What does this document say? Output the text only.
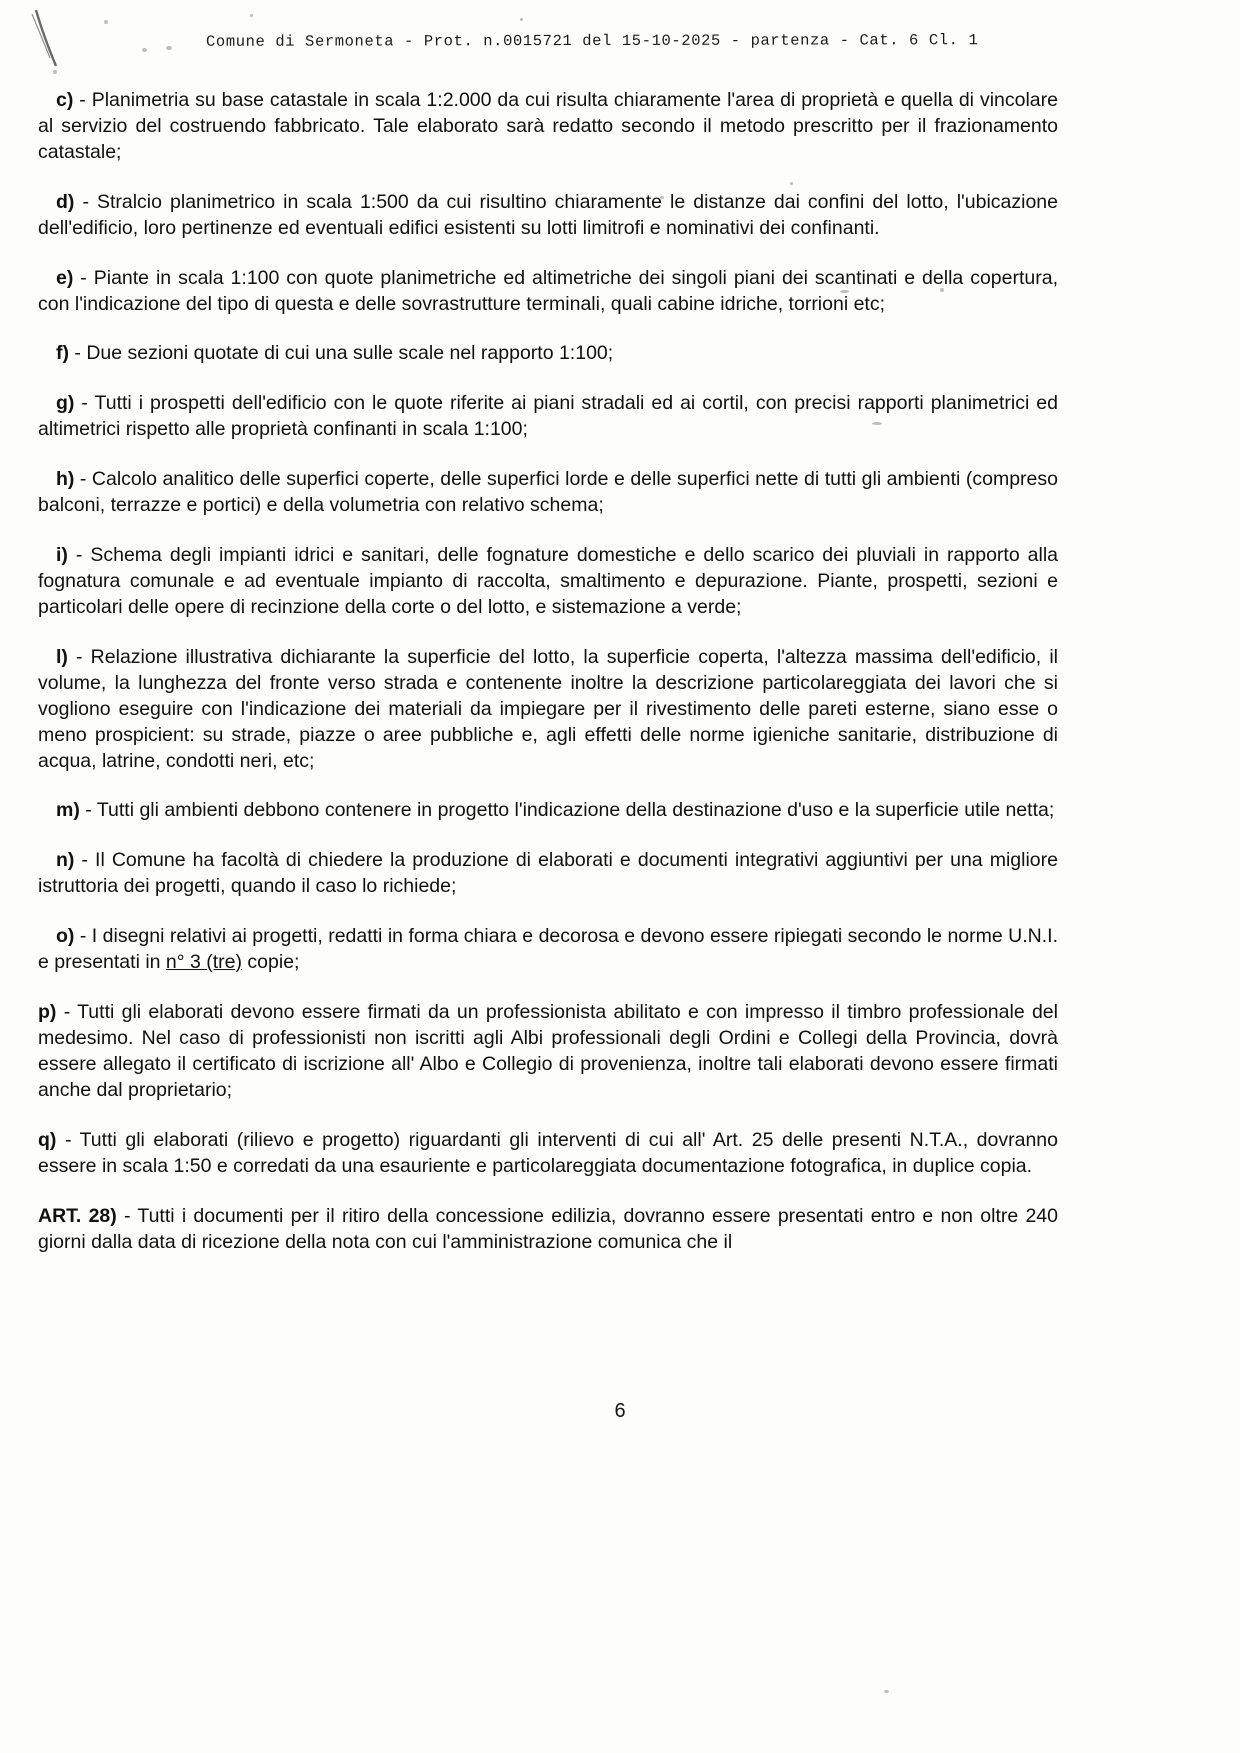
Comune di Sermoneta - Prot. n.0015721 del 15-10-2025 - partenza - Cat. 6 Cl. 1

c) - Planimetria su base catastale in scala 1:2.000 da cui risulta chiaramente l'area di proprietà e quella di vincolare al servizio del costruendo fabbricato. Tale elaborato sarà redatto secondo il metodo prescritto per il frazionamento catastale;

d) - Stralcio planimetrico in scala 1:500 da cui risultino chiaramente le distanze dai confini del lotto, l'ubicazione dell'edificio, loro pertinenze ed eventuali edifici esistenti su lotti limitrofi e nominativi dei confinanti.

e) - Piante in scala 1:100 con quote planimetriche ed altimetriche dei singoli piani dei scantinati e della copertura, con l'indicazione del tipo di questa e delle sovrastrutture terminali, quali cabine idriche, torrioni etc;

f) - Due sezioni quotate di cui una sulle scale nel rapporto 1:100;

g) - Tutti i prospetti dell'edificio con le quote riferite ai piani stradali ed ai cortil, con precisi rapporti planimetrici ed altimetrici rispetto alle proprietà confinanti in scala 1:100;

h) - Calcolo analitico delle superfici coperte, delle superfici lorde e delle superfici nette di tutti gli ambienti (compreso balconi, terrazze e portici) e della volumetria con relativo schema;

i) - Schema degli impianti idrici e sanitari, delle fognature domestiche e dello scarico dei pluviali in rapporto alla fognatura comunale e ad eventuale impianto di raccolta, smaltimento e depurazione. Piante, prospetti, sezioni e particolari delle opere di recinzione della corte o del lotto, e sistemazione a verde;

l) - Relazione illustrativa dichiarante la superficie del lotto, la superficie coperta, l'altezza massima dell'edificio, il volume, la lunghezza del fronte verso strada e contenente inoltre la descrizione particolareggiata dei lavori che si vogliono eseguire con l'indicazione dei materiali da impiegare per il rivestimento delle pareti esterne, siano esse o meno prospicient: su strade, piazze o aree pubbliche e, agli effetti delle norme igieniche sanitarie, distribuzione di acqua, latrine, condotti neri, etc;

m) - Tutti gli ambienti debbono contenere in progetto l'indicazione della destinazione d'uso e la superficie utile netta;

n) - Il Comune ha facoltà di chiedere la produzione di elaborati e documenti integrativi aggiuntivi per una migliore istruttoria dei progetti, quando il caso lo richiede;

o) - I disegni relativi ai progetti, redatti in forma chiara e decorosa e devono essere ripiegati secondo le norme U.N.I. e presentati in n° 3 (tre) copie;

p) - Tutti gli elaborati devono essere firmati da un professionista abilitato e con impresso il timbro professionale del medesimo. Nel caso di professionisti non iscritti agli Albi professionali degli Ordini e Collegi della Provincia, dovrà essere allegato il certificato di iscrizione all' Albo e Collegio di provenienza, inoltre tali elaborati devono essere firmati anche dal proprietario;

q) - Tutti gli elaborati (rilievo e progetto) riguardanti gli interventi di cui all' Art. 25 delle presenti N.T.A., dovranno essere in scala 1:50 e corredati da una esauriente e particolareggiata documentazione fotografica, in duplice copia.

ART. 28) - Tutti i documenti per il ritiro della concessione edilizia, dovranno essere presentati entro e non oltre 240 giorni dalla data di ricezione della nota con cui l'amministrazione comunica che il

6
